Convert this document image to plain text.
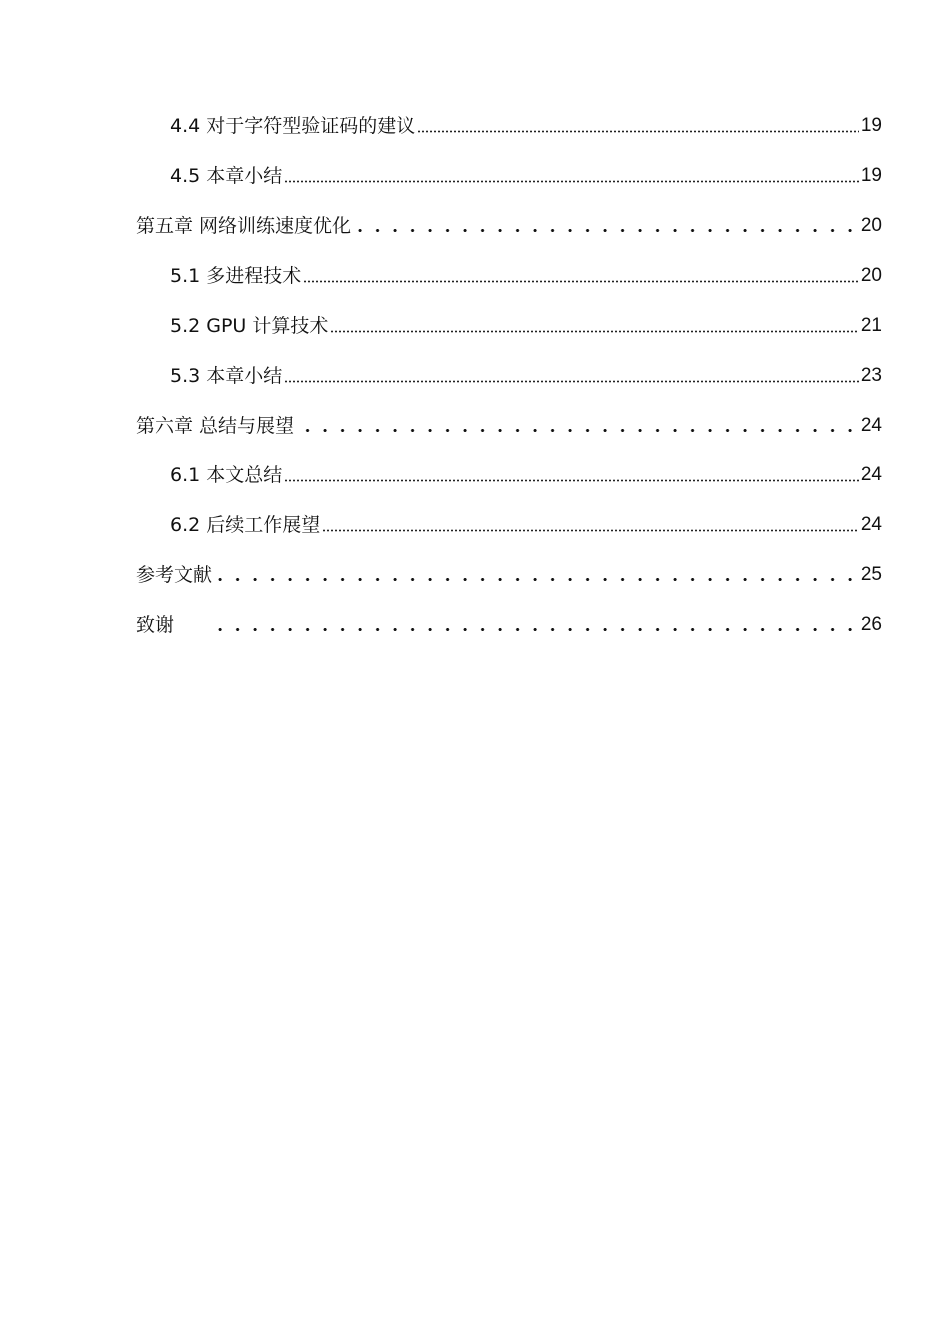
4.4 对于字符型验证码的建议	19
4.5 本章小结	19
第五章 网络训练速度优化	20
5.1 多进程技术	20
5.2 GPU 计算技术	21
5.3 本章小结	23
第六章 总结与展望	24
6.1 本文总结	24
6.2 后续工作展望	24
参考文献	25
致谢	26
